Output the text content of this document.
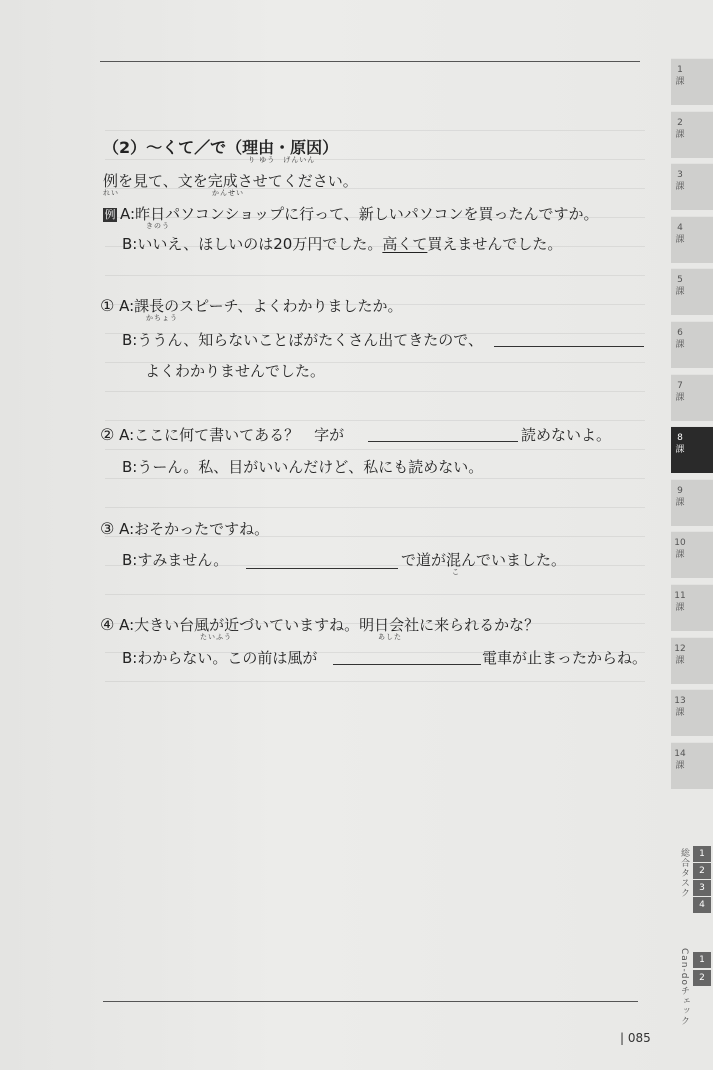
（2）～くて／で（理由・原因）
り ゆう　げんいん
例を見て、文を完成させてください。
れい	かんせい
例 A:昨日パソコンショップに行って、新しいパソコンを買ったんですか。
きのう
B:いいえ、ほしいのは20万円でした。高くて買えませんでした。
① A:課長のスピーチ、よくわかりましたか。
かちょう
B:ううん、知らないことばがたくさん出てきたので、
よくわかりませんでした。
② A:ここに何て書いてある？　字が	読めないよ。
B:うーん。私、目がいいんだけど、私にも読めない。
③ A:おそかったですね。
B:すみません。	で道が混んでいました。
こ
④ A:大きい台風が近づいていますね。明日会社に来られるかな？
たいふう	あした
B:わからない。この前は風が	電車が止まったからね。
| 085
1
課
2
課
3
課
4
課
5
課
6
課
7
課
8
課
9
課
10
課
11
課
12
課
13
課
14
課
総合タスク	1
2
3
4
Can-doチェック	1
2
